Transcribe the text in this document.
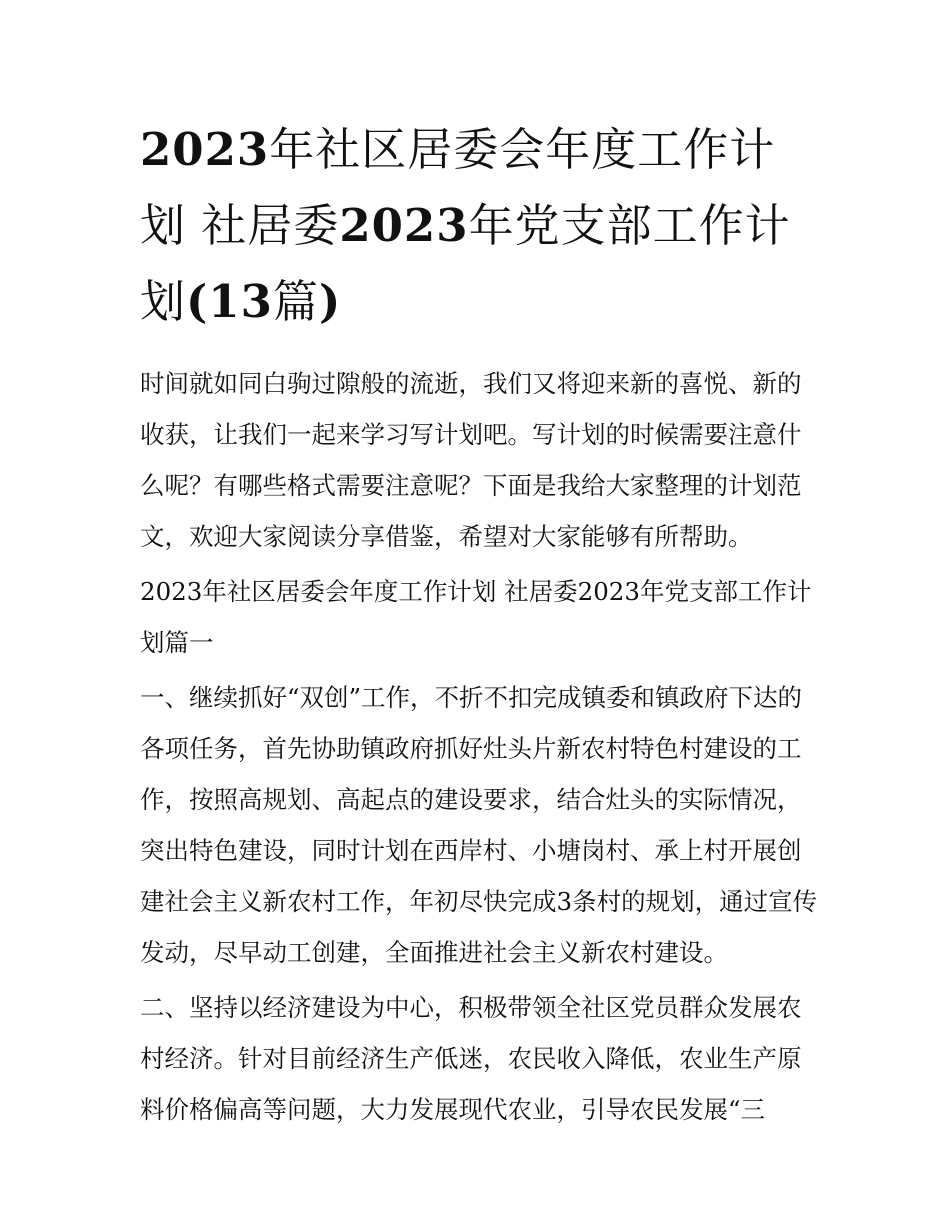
2023年社区居委会年度工作计划 社居委2023年党支部工作计划(13篇)

时间就如同白驹过隙般的流逝，我们又将迎来新的喜悦、新的收获，让我们一起来学习写计划吧。写计划的时候需要注意什么呢？有哪些格式需要注意呢？下面是我给大家整理的计划范文，欢迎大家阅读分享借鉴，希望对大家能够有所帮助。

2023年社区居委会年度工作计划 社居委2023年党支部工作计划篇一

一、继续抓好“双创”工作，不折不扣完成镇委和镇政府下达的各项任务，首先协助镇政府抓好灶头片新农村特色村建设的工作，按照高规划、高起点的建设要求，结合灶头的实际情况，突出特色建设，同时计划在西岸村、小塘岗村、承上村开展创建社会主义新农村工作，年初尽快完成3条村的规划，通过宣传发动，尽早动工创建，全面推进社会主义新农村建设。

二、坚持以经济建设为中心，积极带领全社区党员群众发展农村经济。针对目前经济生产低迷，农民收入降低，农业生产原料价格偏高等问题，大力发展现代农业，引导农民发展“三
